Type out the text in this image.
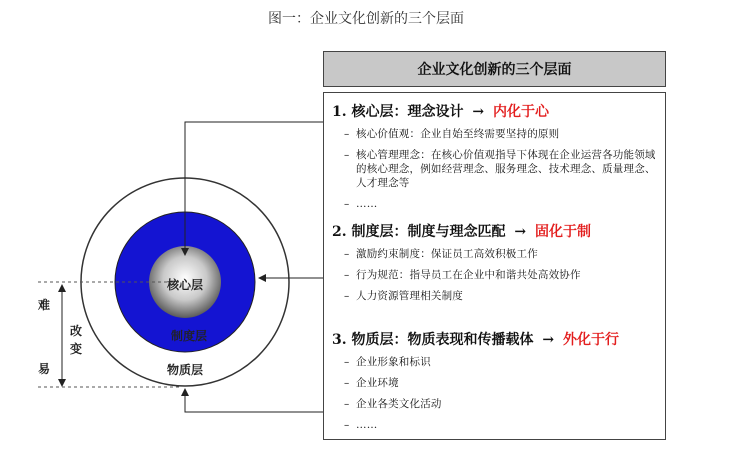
图一：企业文化创新的三个层面
核心层
制度层
物质层
难
改
变
易
企业文化创新的三个层面
1. 核心层：理念设计 → 内化于心
– 核心价值观：企业自始至终需要坚持的原则
– 核心管理理念：在核心价值观指导下体现在企业运营各功能领域的核心理念，例如经营理念、服务理念、技术理念、质量理念、人才理念等
– ……
2. 制度层：制度与理念匹配 → 固化于制
– 激励约束制度：保证员工高效积极工作
– 行为规范：指导员工在企业中和谐共处高效协作
– 人力资源管理相关制度
3. 物质层：物质表现和传播载体 → 外化于行
– 企业形象和标识
– 企业环境
– 企业各类文化活动
– ……
